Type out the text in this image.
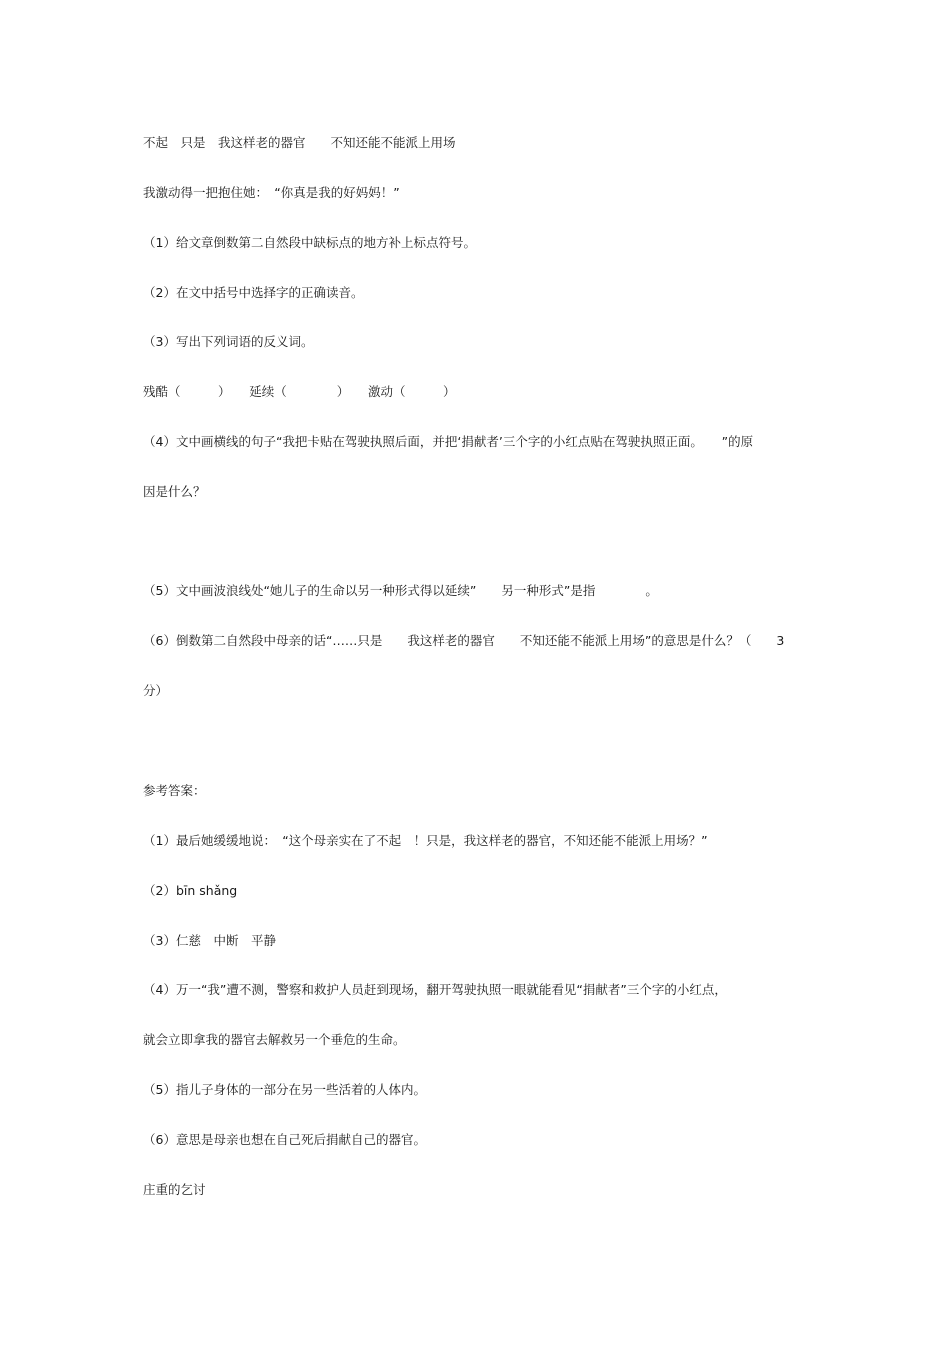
不起　只是　我这样老的器官　　不知还能不能派上用场
我激动得一把抱住她：　“你真是我的好妈妈！”
（1）给文章倒数第二自然段中缺标点的地方补上标点符号。
（2）在文中括号中选择字的正确读音。
（3）写出下列词语的反义词。
残酷（　　　）　　延续（　　　　）　　激动（　　　）
（4）文中画横线的句子“我把卡贴在驾驶执照后面，并把‘捐献者’三个字的小红点贴在驾驶执照正面。　　”的原
因是什么？
（5）文中画波浪线处“她儿子的生命以另一种形式得以延续”　　另一种形式”是指　　　　。
（6）倒数第二自然段中母亲的话“……只是　　我这样老的器官　　不知还能不能派上用场”的意思是什么？（　　3
分）
参考答案：
（1）最后她缓缓地说：　“这个母亲实在了不起　！只是，我这样老的器官，不知还能不能派上用场？”
（2）bīn shǎng
（3）仁慈　中断　平静
（4）万一“我”遭不测，警察和救护人员赶到现场，翻开驾驶执照一眼就能看见“捐献者”三个字的小红点，
就会立即拿我的器官去解救另一个垂危的生命。
（5）指儿子身体的一部分在另一些活着的人体内。
（6）意思是母亲也想在自己死后捐献自己的器官。
庄重的乞讨
